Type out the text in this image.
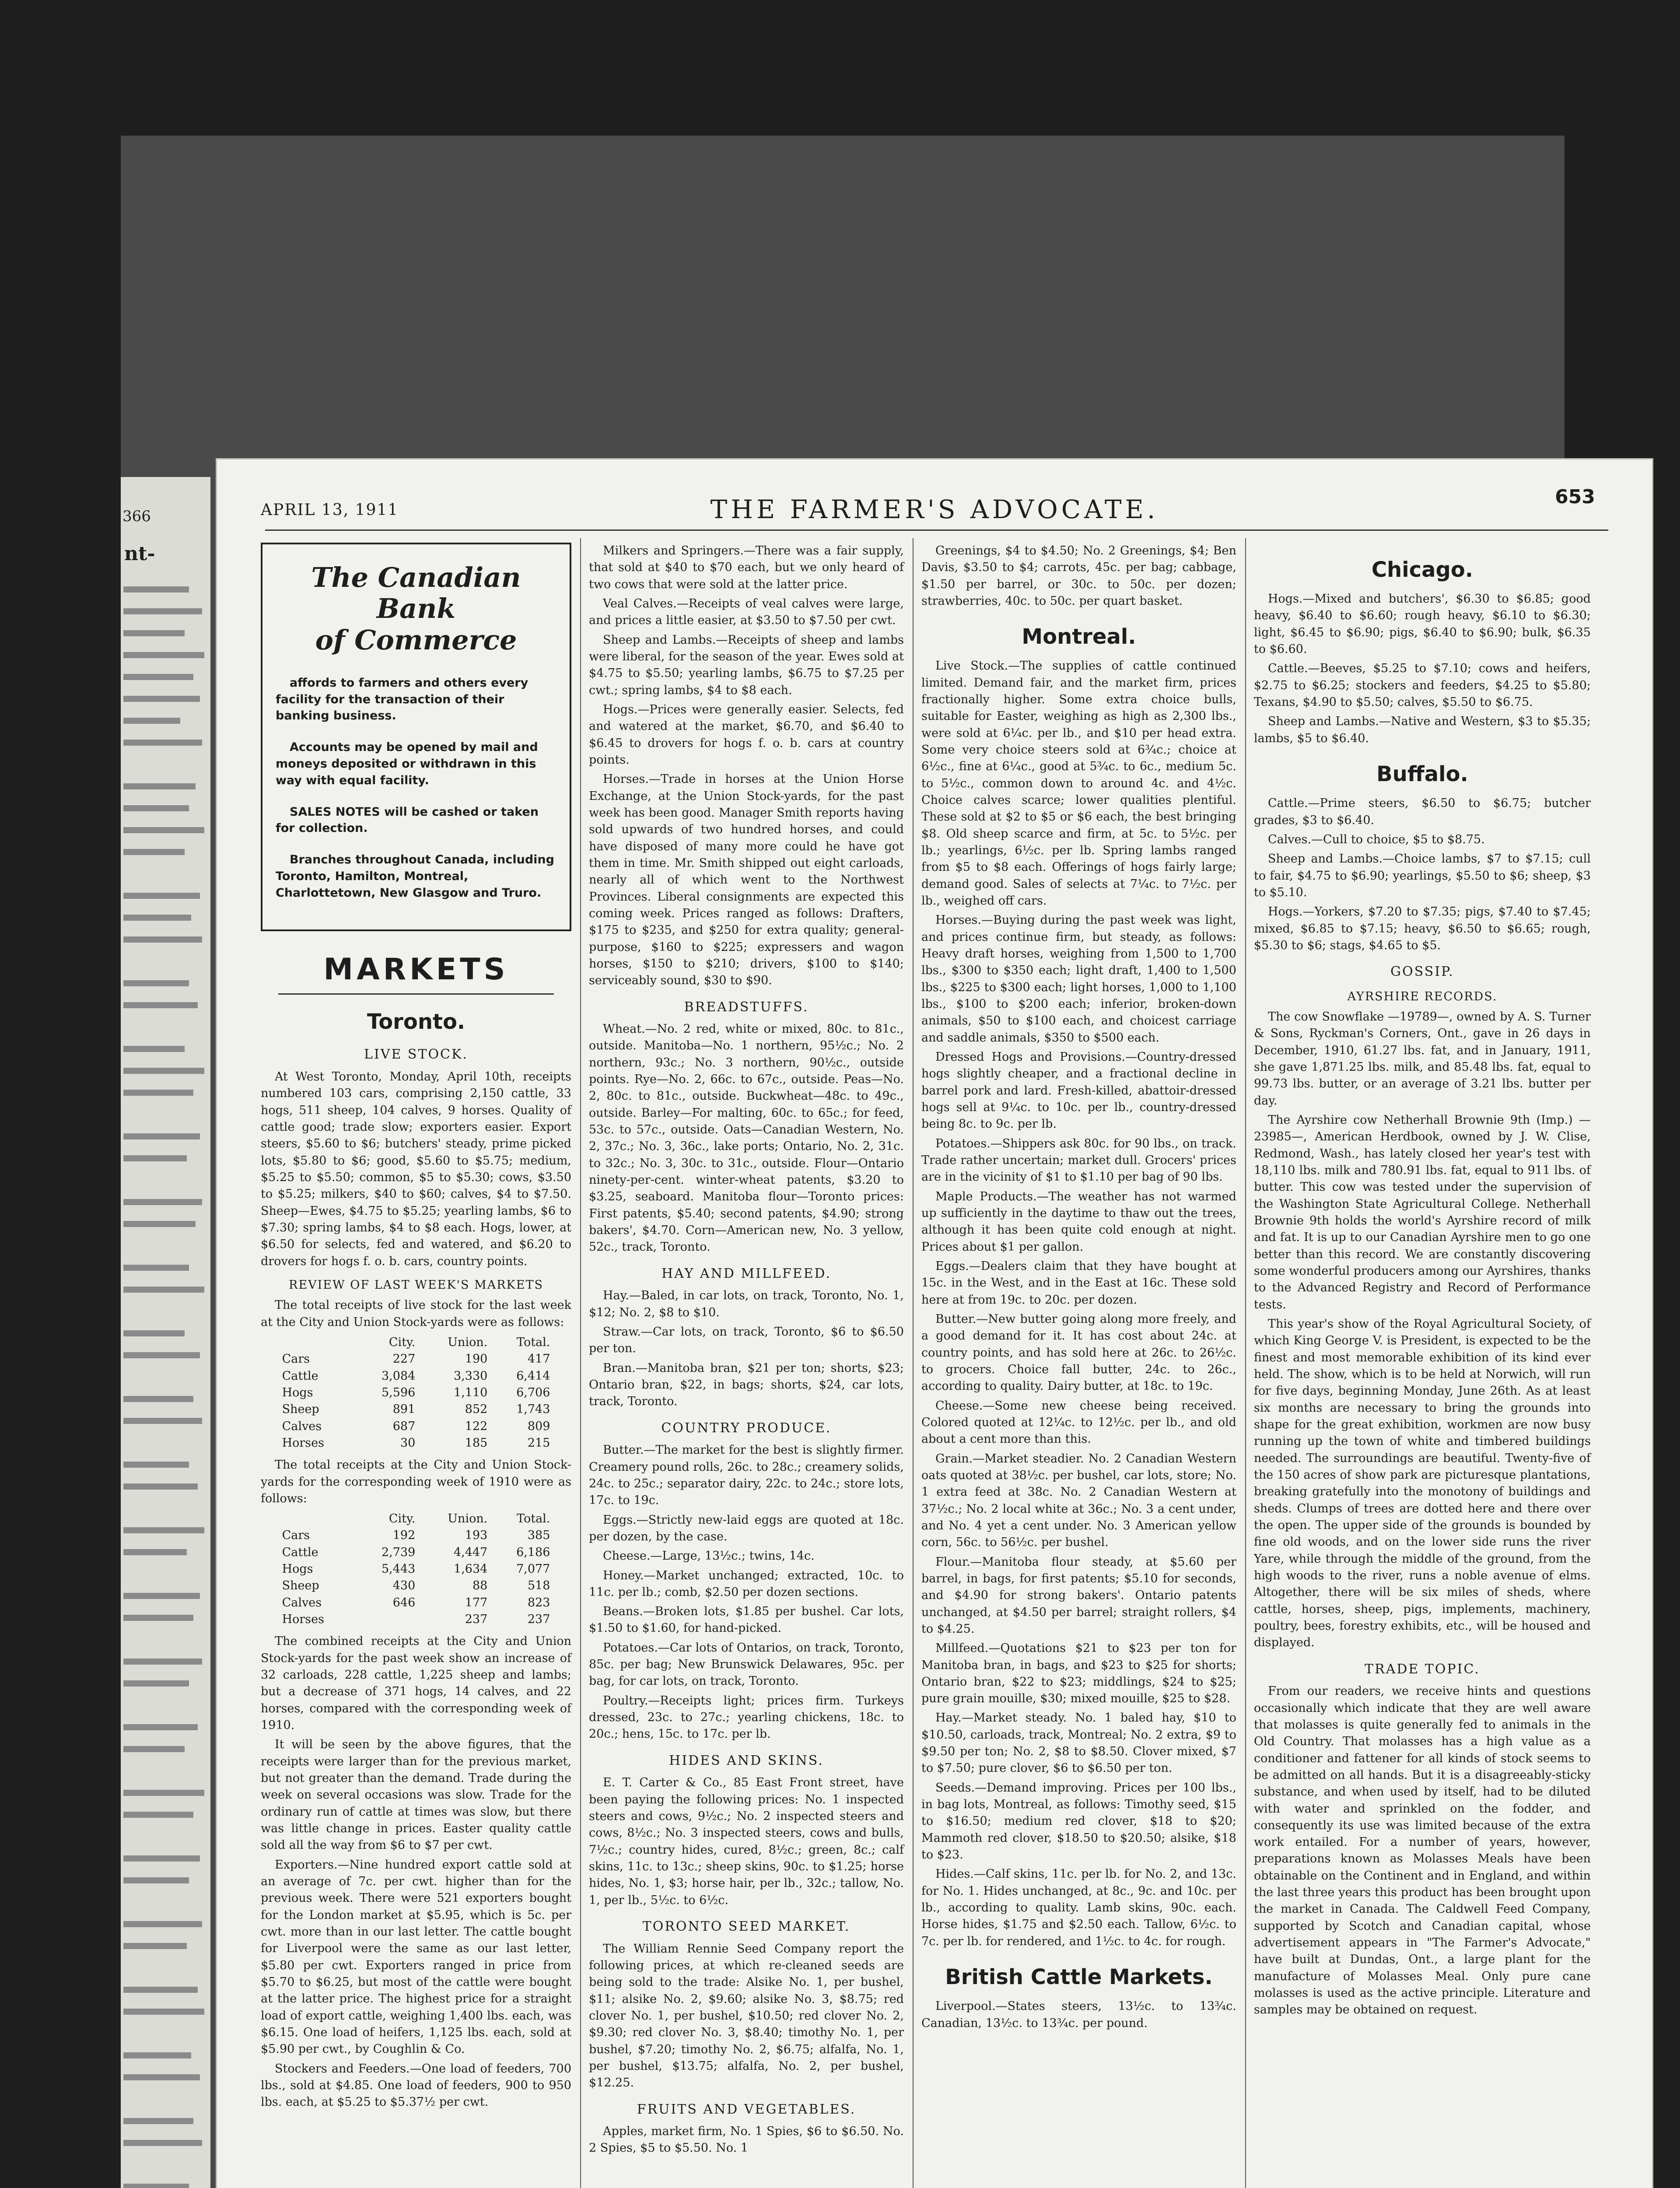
366
nt-
APRIL 13, 1911	THE FARMER'S ADVOCATE.	653
The Canadian Bank
of Commerce

affords to farmers and others every facility for the transaction of their banking business.

Accounts may be opened by mail and moneys deposited or withdrawn in this way with equal facility.

SALES NOTES will be cashed or taken for collection.

Branches throughout Canada, including Toronto, Hamilton, Montreal, Charlottetown, New Glasgow and Truro.

MARKETS
Toronto.
LIVE STOCK.

At West Toronto, Monday, April 10th, receipts numbered 103 cars, comprising 2,150 cattle, 33 hogs, 511 sheep, 104 calves, 9 horses. Quality of cattle good; trade slow; exporters easier. Export steers, $5.60 to $6; butchers' steady, prime picked lots, $5.80 to $6; good, $5.60 to $5.75; medium, $5.25 to $5.50; common, $5 to $5.30; cows, $3.50 to $5.25; milkers, $40 to $60; calves, $4 to $7.50. Sheep—Ewes, $4.75 to $5.25; yearling lambs, $6 to $7.30; spring lambs, $4 to $8 each. Hogs, lower, at $6.50 for selects, fed and watered, and $6.20 to drovers for hogs f. o. b. cars, country points.

REVIEW OF LAST WEEK'S MARKETS

The total receipts of live stock for the last week at the City and Union Stock-yards were as follows:

	City.	Union.	Total.
Cars	227	190	417
Cattle	3,084	3,330	6,414
Hogs	5,596	1,110	6,706
Sheep	891	852	1,743
Calves	687	122	809
Horses	30	185	215

The total receipts at the City and Union Stock-yards for the corresponding week of 1910 were as follows:

	City.	Union.	Total.
Cars	192	193	385
Cattle	2,739	4,447	6,186
Hogs	5,443	1,634	7,077
Sheep	430	88	518
Calves	646	177	823
Horses		237	237

The combined receipts at the City and Union Stock-yards for the past week show an increase of 32 carloads, 228 cattle, 1,225 sheep and lambs; but a decrease of 371 hogs, 14 calves, and 22 horses, compared with the corresponding week of 1910.

It will be seen by the above figures, that the receipts were larger than for the previous market, but not greater than the demand. Trade during the week on several occasions was slow. Trade for the ordinary run of cattle at times was slow, but there was little change in prices. Easter quality cattle sold all the way from $6 to $7 per cwt.

Exporters.—Nine hundred export cattle sold at an average of 7c. per cwt. higher than for the previous week. There were 521 exporters bought for the London market at $5.95, which is 5c. per cwt. more than in our last letter. The cattle bought for Liverpool were the same as our last letter, $5.80 per cwt. Exporters ranged in price from $5.70 to $6.25, but most of the cattle were bought at the latter price. The highest price for a straight load of export cattle, weighing 1,400 lbs. each, was $6.15. One load of heifers, 1,125 lbs. each, sold at $5.90 per cwt., by Coughlin & Co.

Stockers and Feeders.—One load of feeders, 700 lbs., sold at $4.85. One load of feeders, 900 to 950 lbs. each, at $5.25 to $5.37½ per cwt.

Milkers and Springers.—There was a fair supply, that sold at $40 to $70 each, but we only heard of two cows that were sold at the latter price.

Veal Calves.—Receipts of veal calves were large, and prices a little easier, at $3.50 to $7.50 per cwt.

Sheep and Lambs.—Receipts of sheep and lambs were liberal, for the season of the year. Ewes sold at $4.75 to $5.50; yearling lambs, $6.75 to $7.25 per cwt.; spring lambs, $4 to $8 each.

Hogs.—Prices were generally easier. Selects, fed and watered at the market, $6.70, and $6.40 to $6.45 to drovers for hogs f. o. b. cars at country points.

Horses.—Trade in horses at the Union Horse Exchange, at the Union Stock-yards, for the past week has been good. Manager Smith reports having sold upwards of two hundred horses, and could have disposed of many more could he have got them in time. Mr. Smith shipped out eight carloads, nearly all of which went to the Northwest Provinces. Liberal consignments are expected this coming week. Prices ranged as follows: Drafters, $175 to $235, and $250 for extra quality; general-purpose, $160 to $225; expressers and wagon horses, $150 to $210; drivers, $100 to $140; serviceably sound, $30 to $90.

BREADSTUFFS.

Wheat.—No. 2 red, white or mixed, 80c. to 81c., outside. Manitoba—No. 1 northern, 95½c.; No. 2 northern, 93c.; No. 3 northern, 90½c., outside points. Rye—No. 2, 66c. to 67c., outside. Peas—No. 2, 80c. to 81c., outside. Buckwheat—48c. to 49c., outside. Barley—For malting, 60c. to 65c.; for feed, 53c. to 57c., outside. Oats—Canadian Western, No. 2, 37c.; No. 3, 36c., lake ports; Ontario, No. 2, 31c. to 32c.; No. 3, 30c. to 31c., outside. Flour—Ontario ninety-per-cent. winter-wheat patents, $3.20 to $3.25, seaboard. Manitoba flour—Toronto prices: First patents, $5.40; second patents, $4.90; strong bakers', $4.70. Corn—American new, No. 3 yellow, 52c., track, Toronto.

HAY AND MILLFEED.

Hay.—Baled, in car lots, on track, Toronto, No. 1, $12; No. 2, $8 to $10.

Straw.—Car lots, on track, Toronto, $6 to $6.50 per ton.

Bran.—Manitoba bran, $21 per ton; shorts, $23; Ontario bran, $22, in bags; shorts, $24, car lots, track, Toronto.

COUNTRY PRODUCE.

Butter.—The market for the best is slightly firmer. Creamery pound rolls, 26c. to 28c.; creamery solids, 24c. to 25c.; separator dairy, 22c. to 24c.; store lots, 17c. to 19c.

Eggs.—Strictly new-laid eggs are quoted at 18c. per dozen, by the case.

Cheese.—Large, 13½c.; twins, 14c.

Honey.—Market unchanged; extracted, 10c. to 11c. per lb.; comb, $2.50 per dozen sections.

Beans.—Broken lots, $1.85 per bushel. Car lots, $1.50 to $1.60, for hand-picked.

Potatoes.—Car lots of Ontarios, on track, Toronto, 85c. per bag; New Brunswick Delawares, 95c. per bag, for car lots, on track, Toronto.

Poultry.—Receipts light; prices firm. Turkeys dressed, 23c. to 27c.; yearling chickens, 18c. to 20c.; hens, 15c. to 17c. per lb.

HIDES AND SKINS.

E. T. Carter & Co., 85 East Front street, have been paying the following prices: No. 1 inspected steers and cows, 9½c.; No. 2 inspected steers and cows, 8½c.; No. 3 inspected steers, cows and bulls, 7½c.; country hides, cured, 8½c.; green, 8c.; calf skins, 11c. to 13c.; sheep skins, 90c. to $1.25; horse hides, No. 1, $3; horse hair, per lb., 32c.; tallow, No. 1, per lb., 5½c. to 6½c.

TORONTO SEED MARKET.

The William Rennie Seed Company report the following prices, at which re-cleaned seeds are being sold to the trade: Alsike No. 1, per bushel, $11; alsike No. 2, $9.60; alsike No. 3, $8.75; red clover No. 1, per bushel, $10.50; red clover No. 2, $9.30; red clover No. 3, $8.40; timothy No. 1, per bushel, $7.20; timothy No. 2, $6.75; alfalfa, No. 1, per bushel, $13.75; alfalfa, No. 2, per bushel, $12.25.

FRUITS AND VEGETABLES.

Apples, market firm, No. 1 Spies, $6 to $6.50. No. 2 Spies, $5 to $5.50. No. 1

Greenings, $4 to $4.50; No. 2 Greenings, $4; Ben Davis, $3.50 to $4; carrots, 45c. per bag; cabbage, $1.50 per barrel, or 30c. to 50c. per dozen; strawberries, 40c. to 50c. per quart basket.

Montreal.

Live Stock.—The supplies of cattle continued limited. Demand fair, and the market firm, prices fractionally higher. Some extra choice bulls, suitable for Easter, weighing as high as 2,300 lbs., were sold at 6¼c. per lb., and $10 per head extra. Some very choice steers sold at 6¾c.; choice at 6½c., fine at 6¼c., good at 5¾c. to 6c., medium 5c. to 5½c., common down to around 4c. and 4½c. Choice calves scarce; lower qualities plentiful. These sold at $2 to $5 or $6 each, the best bringing $8. Old sheep scarce and firm, at 5c. to 5½c. per lb.; yearlings, 6½c. per lb. Spring lambs ranged from $5 to $8 each. Offerings of hogs fairly large; demand good. Sales of selects at 7¼c. to 7½c. per lb., weighed off cars.

Horses.—Buying during the past week was light, and prices continue firm, but steady, as follows: Heavy draft horses, weighing from 1,500 to 1,700 lbs., $300 to $350 each; light draft, 1,400 to 1,500 lbs., $225 to $300 each; light horses, 1,000 to 1,100 lbs., $100 to $200 each; inferior, broken-down animals, $50 to $100 each, and choicest carriage and saddle animals, $350 to $500 each.

Dressed Hogs and Provisions.—Country-dressed hogs slightly cheaper, and a fractional decline in barrel pork and lard. Fresh-killed, abattoir-dressed hogs sell at 9¼c. to 10c. per lb., country-dressed being 8c. to 9c. per lb.

Potatoes.—Shippers ask 80c. for 90 lbs., on track. Trade rather uncertain; market dull. Grocers' prices are in the vicinity of $1 to $1.10 per bag of 90 lbs.

Maple Products.—The weather has not warmed up sufficiently in the daytime to thaw out the trees, although it has been quite cold enough at night. Prices about $1 per gallon.

Eggs.—Dealers claim that they have bought at 15c. in the West, and in the East at 16c. These sold here at from 19c. to 20c. per dozen.

Butter.—New butter going along more freely, and a good demand for it. It has cost about 24c. at country points, and has sold here at 26c. to 26½c. to grocers. Choice fall butter, 24c. to 26c., according to quality. Dairy butter, at 18c. to 19c.

Cheese.—Some new cheese being received. Colored quoted at 12¼c. to 12½c. per lb., and old about a cent more than this.

Grain.—Market steadier. No. 2 Canadian Western oats quoted at 38½c. per bushel, car lots, store; No. 1 extra feed at 38c. No. 2 Canadian Western at 37½c.; No. 2 local white at 36c.; No. 3 a cent under, and No. 4 yet a cent under. No. 3 American yellow corn, 56c. to 56½c. per bushel.

Flour.—Manitoba flour steady, at $5.60 per barrel, in bags, for first patents; $5.10 for seconds, and $4.90 for strong bakers'. Ontario patents unchanged, at $4.50 per barrel; straight rollers, $4 to $4.25.

Millfeed.—Quotations $21 to $23 per ton for Manitoba bran, in bags, and $23 to $25 for shorts; Ontario bran, $22 to $23; middlings, $24 to $25; pure grain mouille, $30; mixed mouille, $25 to $28.

Hay.—Market steady. No. 1 baled hay, $10 to $10.50, carloads, track, Montreal; No. 2 extra, $9 to $9.50 per ton; No. 2, $8 to $8.50. Clover mixed, $7 to $7.50; pure clover, $6 to $6.50 per ton.

Seeds.—Demand improving. Prices per 100 lbs., in bag lots, Montreal, as follows: Timothy seed, $15 to $16.50; medium red clover, $18 to $20; Mammoth red clover, $18.50 to $20.50; alsike, $18 to $23.

Hides.—Calf skins, 11c. per lb. for No. 2, and 13c. for No. 1. Hides unchanged, at 8c., 9c. and 10c. per lb., according to quality. Lamb skins, 90c. each. Horse hides, $1.75 and $2.50 each. Tallow, 6½c. to 7c. per lb. for rendered, and 1½c. to 4c. for rough.

British Cattle Markets.

Liverpool.—States steers, 13½c. to 13¾c. Canadian, 13½c. to 13¾c. per pound.

Chicago.

Hogs.—Mixed and butchers', $6.30 to $6.85; good heavy, $6.40 to $6.60; rough heavy, $6.10 to $6.30; light, $6.45 to $6.90; pigs, $6.40 to $6.90; bulk, $6.35 to $6.60.

Cattle.—Beeves, $5.25 to $7.10; cows and heifers, $2.75 to $6.25; stockers and feeders, $4.25 to $5.80; Texans, $4.90 to $5.50; calves, $5.50 to $6.75.

Sheep and Lambs.—Native and Western, $3 to $5.35; lambs, $5 to $6.40.

Buffalo.

Cattle.—Prime steers, $6.50 to $6.75; butcher grades, $3 to $6.40.

Calves.—Cull to choice, $5 to $8.75.

Sheep and Lambs.—Choice lambs, $7 to $7.15; cull to fair, $4.75 to $6.90; yearlings, $5.50 to $6; sheep, $3 to $5.10.

Hogs.—Yorkers, $7.20 to $7.35; pigs, $7.40 to $7.45; mixed, $6.85 to $7.15; heavy, $6.50 to $6.65; rough, $5.30 to $6; stags, $4.65 to $5.

GOSSIP.
AYRSHIRE RECORDS.

The cow Snowflake —19789—, owned by A. S. Turner & Sons, Ryckman's Corners, Ont., gave in 26 days in December, 1910, 61.27 lbs. fat, and in January, 1911, she gave 1,871.25 lbs. milk, and 85.48 lbs. fat, equal to 99.73 lbs. butter, or an average of 3.21 lbs. butter per day.

The Ayrshire cow Netherhall Brownie 9th (Imp.) —23985—, American Herdbook, owned by J. W. Clise, Redmond, Wash., has lately closed her year's test with 18,110 lbs. milk and 780.91 lbs. fat, equal to 911 lbs. of butter. This cow was tested under the supervision of the Washington State Agricultural College. Netherhall Brownie 9th holds the world's Ayrshire record of milk and fat. It is up to our Canadian Ayrshire men to go one better than this record. We are constantly discovering some wonderful producers among our Ayrshires, thanks to the Advanced Registry and Record of Performance tests.

This year's show of the Royal Agricultural Society, of which King George V. is President, is expected to be the finest and most memorable exhibition of its kind ever held. The show, which is to be held at Norwich, will run for five days, beginning Monday, June 26th. As at least six months are necessary to bring the grounds into shape for the great exhibition, workmen are now busy running up the town of white and timbered buildings needed. The surroundings are beautiful. Twenty-five of the 150 acres of show park are picturesque plantations, breaking gratefully into the monotony of buildings and sheds. Clumps of trees are dotted here and there over the open. The upper side of the grounds is bounded by fine old woods, and on the lower side runs the river Yare, while through the middle of the ground, from the high woods to the river, runs a noble avenue of elms. Altogether, there will be six miles of sheds, where cattle, horses, sheep, pigs, implements, machinery, poultry, bees, forestry exhibits, etc., will be housed and displayed.

TRADE TOPIC.

From our readers, we receive hints and questions occasionally which indicate that they are well aware that molasses is quite generally fed to animals in the Old Country. That molasses has a high value as a conditioner and fattener for all kinds of stock seems to be admitted on all hands. But it is a disagreeably-sticky substance, and when used by itself, had to be diluted with water and sprinkled on the fodder, and consequently its use was limited because of the extra work entailed. For a number of years, however, preparations known as Molasses Meals have been obtainable on the Continent and in England, and within the last three years this product has been brought upon the market in Canada. The Caldwell Feed Company, supported by Scotch and Canadian capital, whose advertisement appears in "The Farmer's Advocate," have built at Dundas, Ont., a large plant for the manufacture of Molasses Meal. Only pure cane molasses is used as the active principle. Literature and samples may be obtained on request.
